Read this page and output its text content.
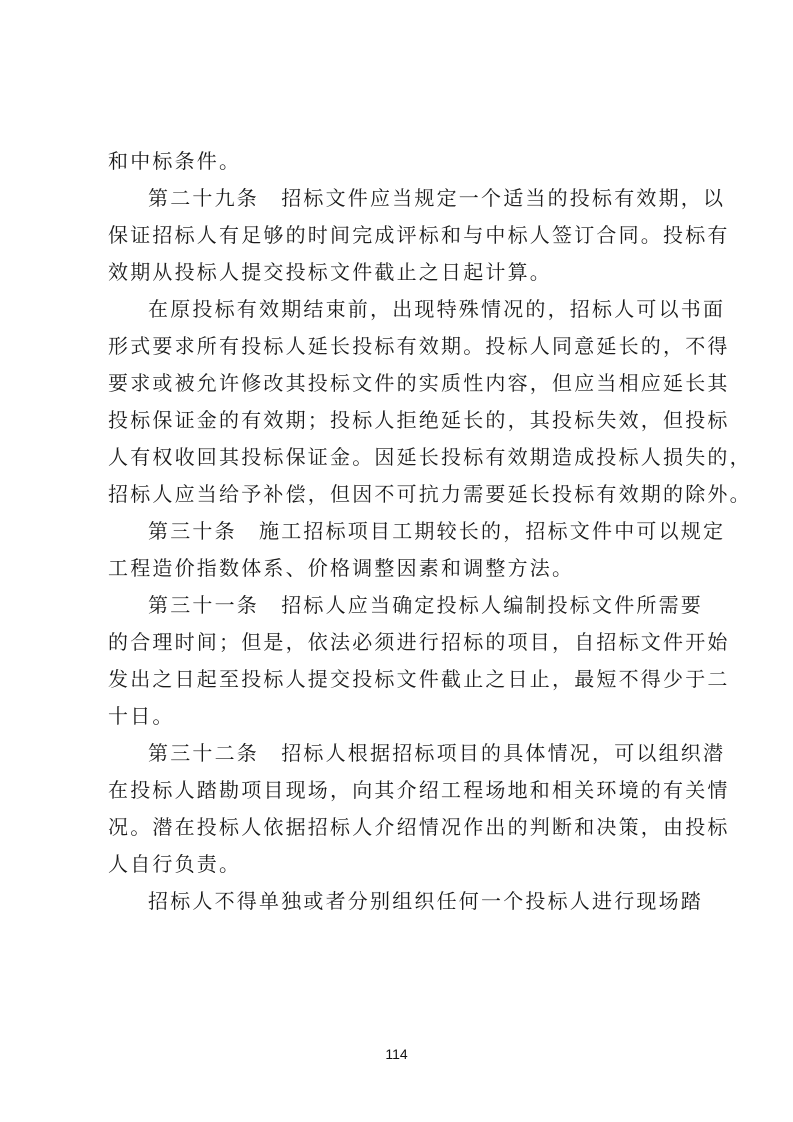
和中标条件。
第二十九条　招标文件应当规定一个适当的投标有效期，以
保证招标人有足够的时间完成评标和与中标人签订合同。投标有
效期从投标人提交投标文件截止之日起计算。
在原投标有效期结束前，出现特殊情况的，招标人可以书面
形式要求所有投标人延长投标有效期。投标人同意延长的，不得
要求或被允许修改其投标文件的实质性内容，但应当相应延长其
投标保证金的有效期；投标人拒绝延长的，其投标失效，但投标
人有权收回其投标保证金。因延长投标有效期造成投标人损失的，
招标人应当给予补偿，但因不可抗力需要延长投标有效期的除外。
第三十条　施工招标项目工期较长的，招标文件中可以规定
工程造价指数体系、价格调整因素和调整方法。
第三十一条　招标人应当确定投标人编制投标文件所需要
的合理时间；但是，依法必须进行招标的项目，自招标文件开始
发出之日起至投标人提交投标文件截止之日止，最短不得少于二
十日。
第三十二条　招标人根据招标项目的具体情况，可以组织潜
在投标人踏勘项目现场，向其介绍工程场地和相关环境的有关情
况。潜在投标人依据招标人介绍情况作出的判断和决策，由投标
人自行负责。
招标人不得单独或者分别组织任何一个投标人进行现场踏
114
